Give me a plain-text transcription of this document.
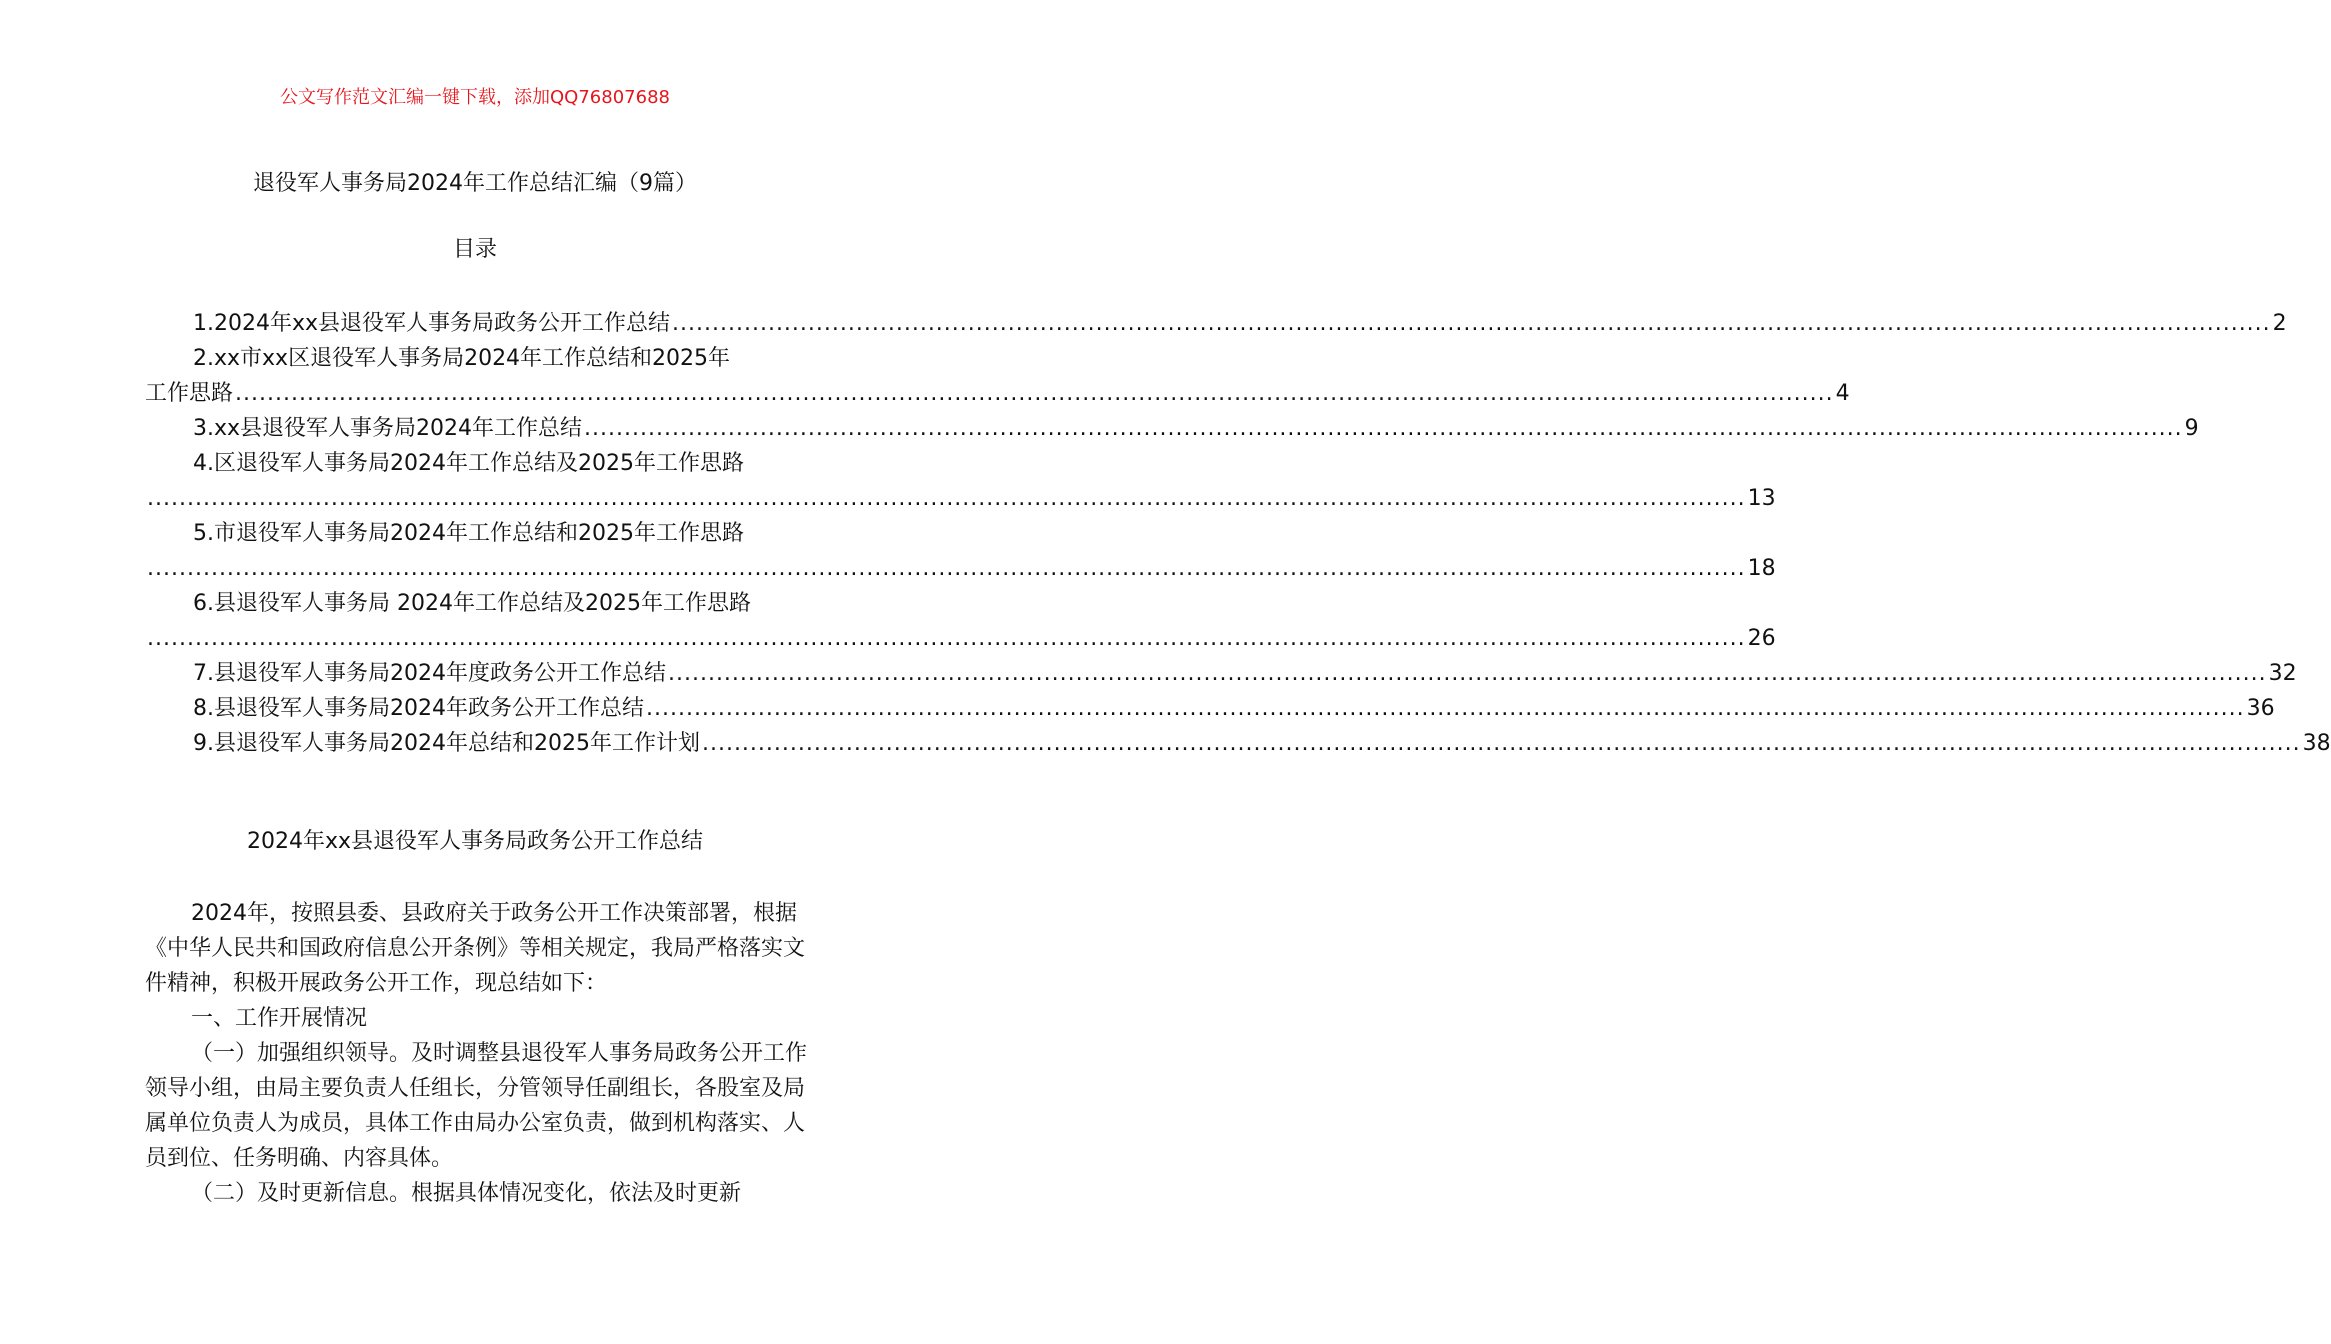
公文写作范文汇编一键下载，添加QQ76807688
退役军人事务局2024年工作总结汇编（9篇）
目录
1.2024年xx县退役军人事务局政务公开工作总结 ........................................................................................................................................................................................................ 2
2.xx市xx区退役军人事务局2024年工作总结和2025年
工作思路 ........................................................................................................................................................................................................ 4
3.xx县退役军人事务局2024年工作总结 ........................................................................................................................................................................................................ 9
4.区退役军人事务局2024年工作总结及2025年工作思路
........................................................................................................................................................................................................ 13
5.市退役军人事务局2024年工作总结和2025年工作思路
........................................................................................................................................................................................................ 18
6.县退役军人事务局 2024年工作总结及2025年工作思路
........................................................................................................................................................................................................ 26
7.县退役军人事务局2024年度政务公开工作总结 ........................................................................................................................................................................................................ 32
8.县退役军人事务局2024年政务公开工作总结 ........................................................................................................................................................................................................ 36
9.县退役军人事务局2024年总结和2025年工作计划 ........................................................................................................................................................................................................ 38
2024年xx县退役军人事务局政务公开工作总结

2024年，按照县委、县政府关于政务公开工作决策部署，根据《中华人民共和国政府信息公开条例》等相关规定，我局严格落实文件精神，积极开展政务公开工作，现总结如下：

一、工作开展情况

（一）加强组织领导。及时调整县退役军人事务局政务公开工作领导小组，由局主要负责人任组长，分管领导任副组长，各股室及局属单位负责人为成员，具体工作由局办公室负责，做到机构落实、人员到位、任务明确、内容具体。

（二）及时更新信息。根据具体情况变化，依法及时更新
